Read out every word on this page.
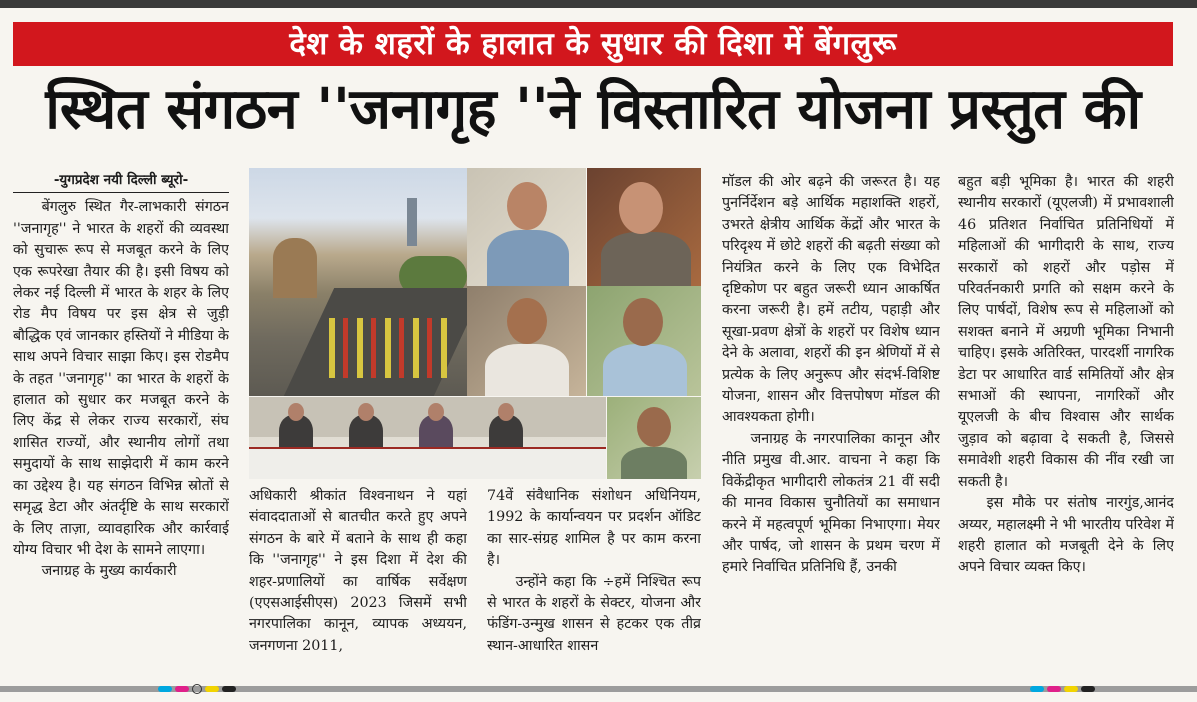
देश के शहरों के हालात के सुधार की दिशा में बेंगलुरू
स्थित संगठन ''जनागृह ''ने विस्तारित योजना प्रस्तुत की

-युगप्रदेश नयी दिल्ली ब्यूरो-

बेंगलुरु स्थित गैर-लाभकारी संगठन ''जनागृह'' ने भारत के शहरों की व्यवस्था को सुचारू रूप से मजबूत करने के लिए एक रूपरेखा तैयार की है। इसी विषय को लेकर नई दिल्ली में भारत के शहर के लिए रोड मैप विषय पर इस क्षेत्र से जुड़ी बौद्धिक एवं जानकार हस्तियों ने मीडिया के साथ अपने विचार साझा किए। इस रोडमैप के तहत ''जनागृह'' का भारत के शहरों के हालात को सुधार कर मजबूत करने के लिए केंद्र से लेकर राज्य सरकारों, संघ शासित राज्यों, और स्थानीय लोगों तथा समुदायों के साथ साझेदारी में काम करने का उद्देश्य है। यह संगठन विभिन्न स्रोतों से समृद्ध डेटा और अंतर्दृष्टि के साथ सरकारों के लिए ताज़ा, व्यावहारिक और कार्रवाई योग्य विचार भी देश के सामने लाएगा।

जनाग्रह के मुख्य कार्यकारी

अधिकारी श्रीकांत विश्वनाथन ने यहां संवाददाताओं से बातचीत करते हुए अपने संगठन के बारे में बताने के साथ ही कहा कि ''जनागृह'' ने इस दिशा में देश की शहर-प्रणालियों का वार्षिक सर्वेक्षण (एएसआईसीएस) 2023 जिसमें सभी नगरपालिका कानून, व्यापक अध्ययन, जनगणना 2011,

74वें संवैधानिक संशोधन अधिनियम, 1992 के कार्यान्वयन पर प्रदर्शन ऑडिट का सार-संग्रह शामिल है पर काम करना है।

उन्होंने कहा कि ÷हमें निश्चित रूप से भारत के शहरों के सेक्टर, योजना और फंडिंग-उन्मुख शासन से हटकर एक तीव्र स्थान-आधारित शासन

मॉडल की ओर बढ़ने की जरूरत है। यह पुनर्निर्देशन बड़े आर्थिक महाशक्ति शहरों, उभरते क्षेत्रीय आर्थिक केंद्रों और भारत के परिदृश्य में छोटे शहरों की बढ़ती संख्या को नियंत्रित करने के लिए एक विभेदित दृष्टिकोण पर बहुत जरूरी ध्यान आकर्षित करना जरूरी है। हमें तटीय, पहाड़ी और सूखा-प्रवण क्षेत्रों के शहरों पर विशेष ध्यान देने के अलावा, शहरों की इन श्रेणियों में से प्रत्येक के लिए अनुरूप और संदर्भ-विशिष्ट योजना, शासन और वित्तपोषण मॉडल की आवश्यकता होगी।

जनाग्रह के नगरपालिका कानून और नीति प्रमुख वी.आर. वाचना ने कहा कि विकेंद्रीकृत भागीदारी लोकतंत्र 21 वीं सदी की मानव विकास चुनौतियों का समाधान करने में महत्वपूर्ण भूमिका निभाएगा। मेयर और पार्षद, जो शासन के प्रथम चरण में हमारे निर्वाचित प्रतिनिधि हैं, उनकी

बहुत बड़ी भूमिका है। भारत की शहरी स्थानीय सरकारों (यूएलजी) में प्रभावशाली 46 प्रतिशत निर्वाचित प्रतिनिधियों में महिलाओं की भागीदारी के साथ, राज्य सरकारों को शहरों और पड़ोस में परिवर्तनकारी प्रगति को सक्षम करने के लिए पार्षदों, विशेष रूप से महिलाओं को सशक्त बनाने में अग्रणी भूमिका निभानी चाहिए। इसके अतिरिक्त, पारदर्शी नागरिक डेटा पर आधारित वार्ड समितियों और क्षेत्र सभाओं की स्थापना, नागरिकों और यूएलजी के बीच विश्वास और सार्थक जुड़ाव को बढ़ावा दे सकती है, जिससे समावेशी शहरी विकास की नींव रखी जा सकती है।

इस मौके पर संतोष नारगुंड,आनंद अय्यर, महालक्ष्मी ने भी भारतीय परिवेश में शहरी हालात को मजबूती देने के लिए अपने विचार व्यक्त किए।
